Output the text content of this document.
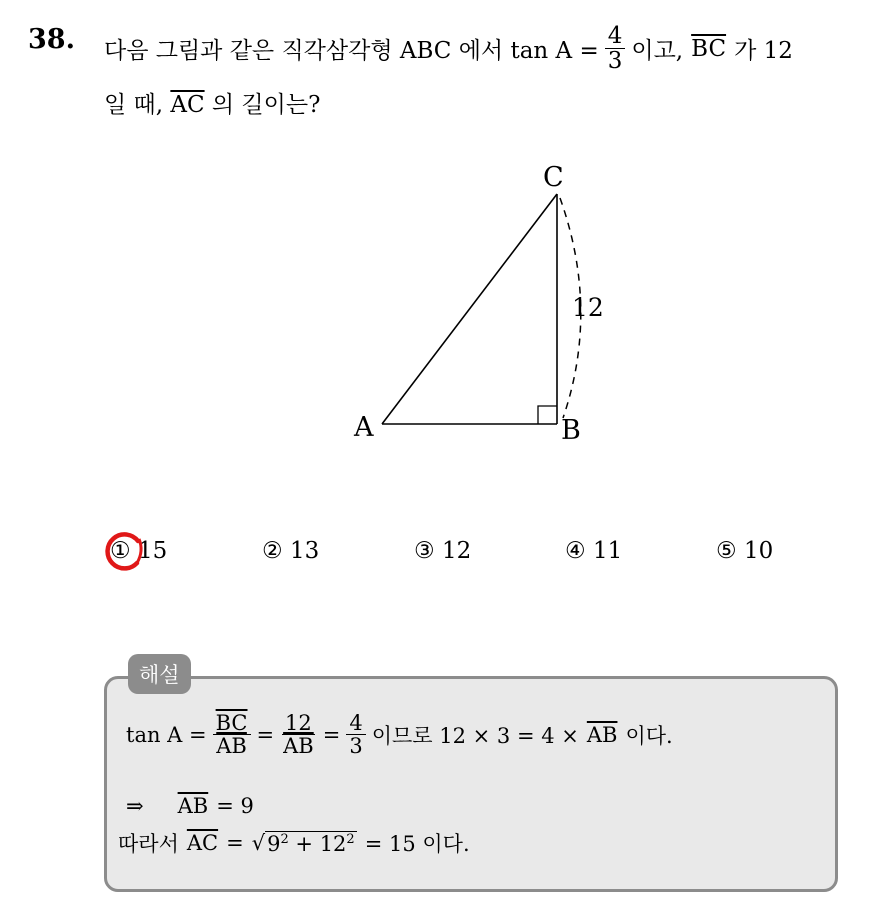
38. 다음 그림과 같은 직각삼각형 ABC 에서 $\tan A = \frac{4}{3}$ 이고, $\overline{BC}$ 가 12
일 때, $\overline{AC}$ 의 길이는?
C
A	B
12
① 15	② 13	③ 12	④ 11	⑤ 10
해설
$\tan A = \frac{\overline{BC}}{AB} = \frac{12}{AB} = \frac{4}{3}$ 이므로 $12 \times 3 = 4 \times \overline{AB}$ 이다.
⇒ $\overline{AB} = 9$
따라서 $\overline{AC}$ = √ $9^2 + 12^2 = 15$ 이다.
